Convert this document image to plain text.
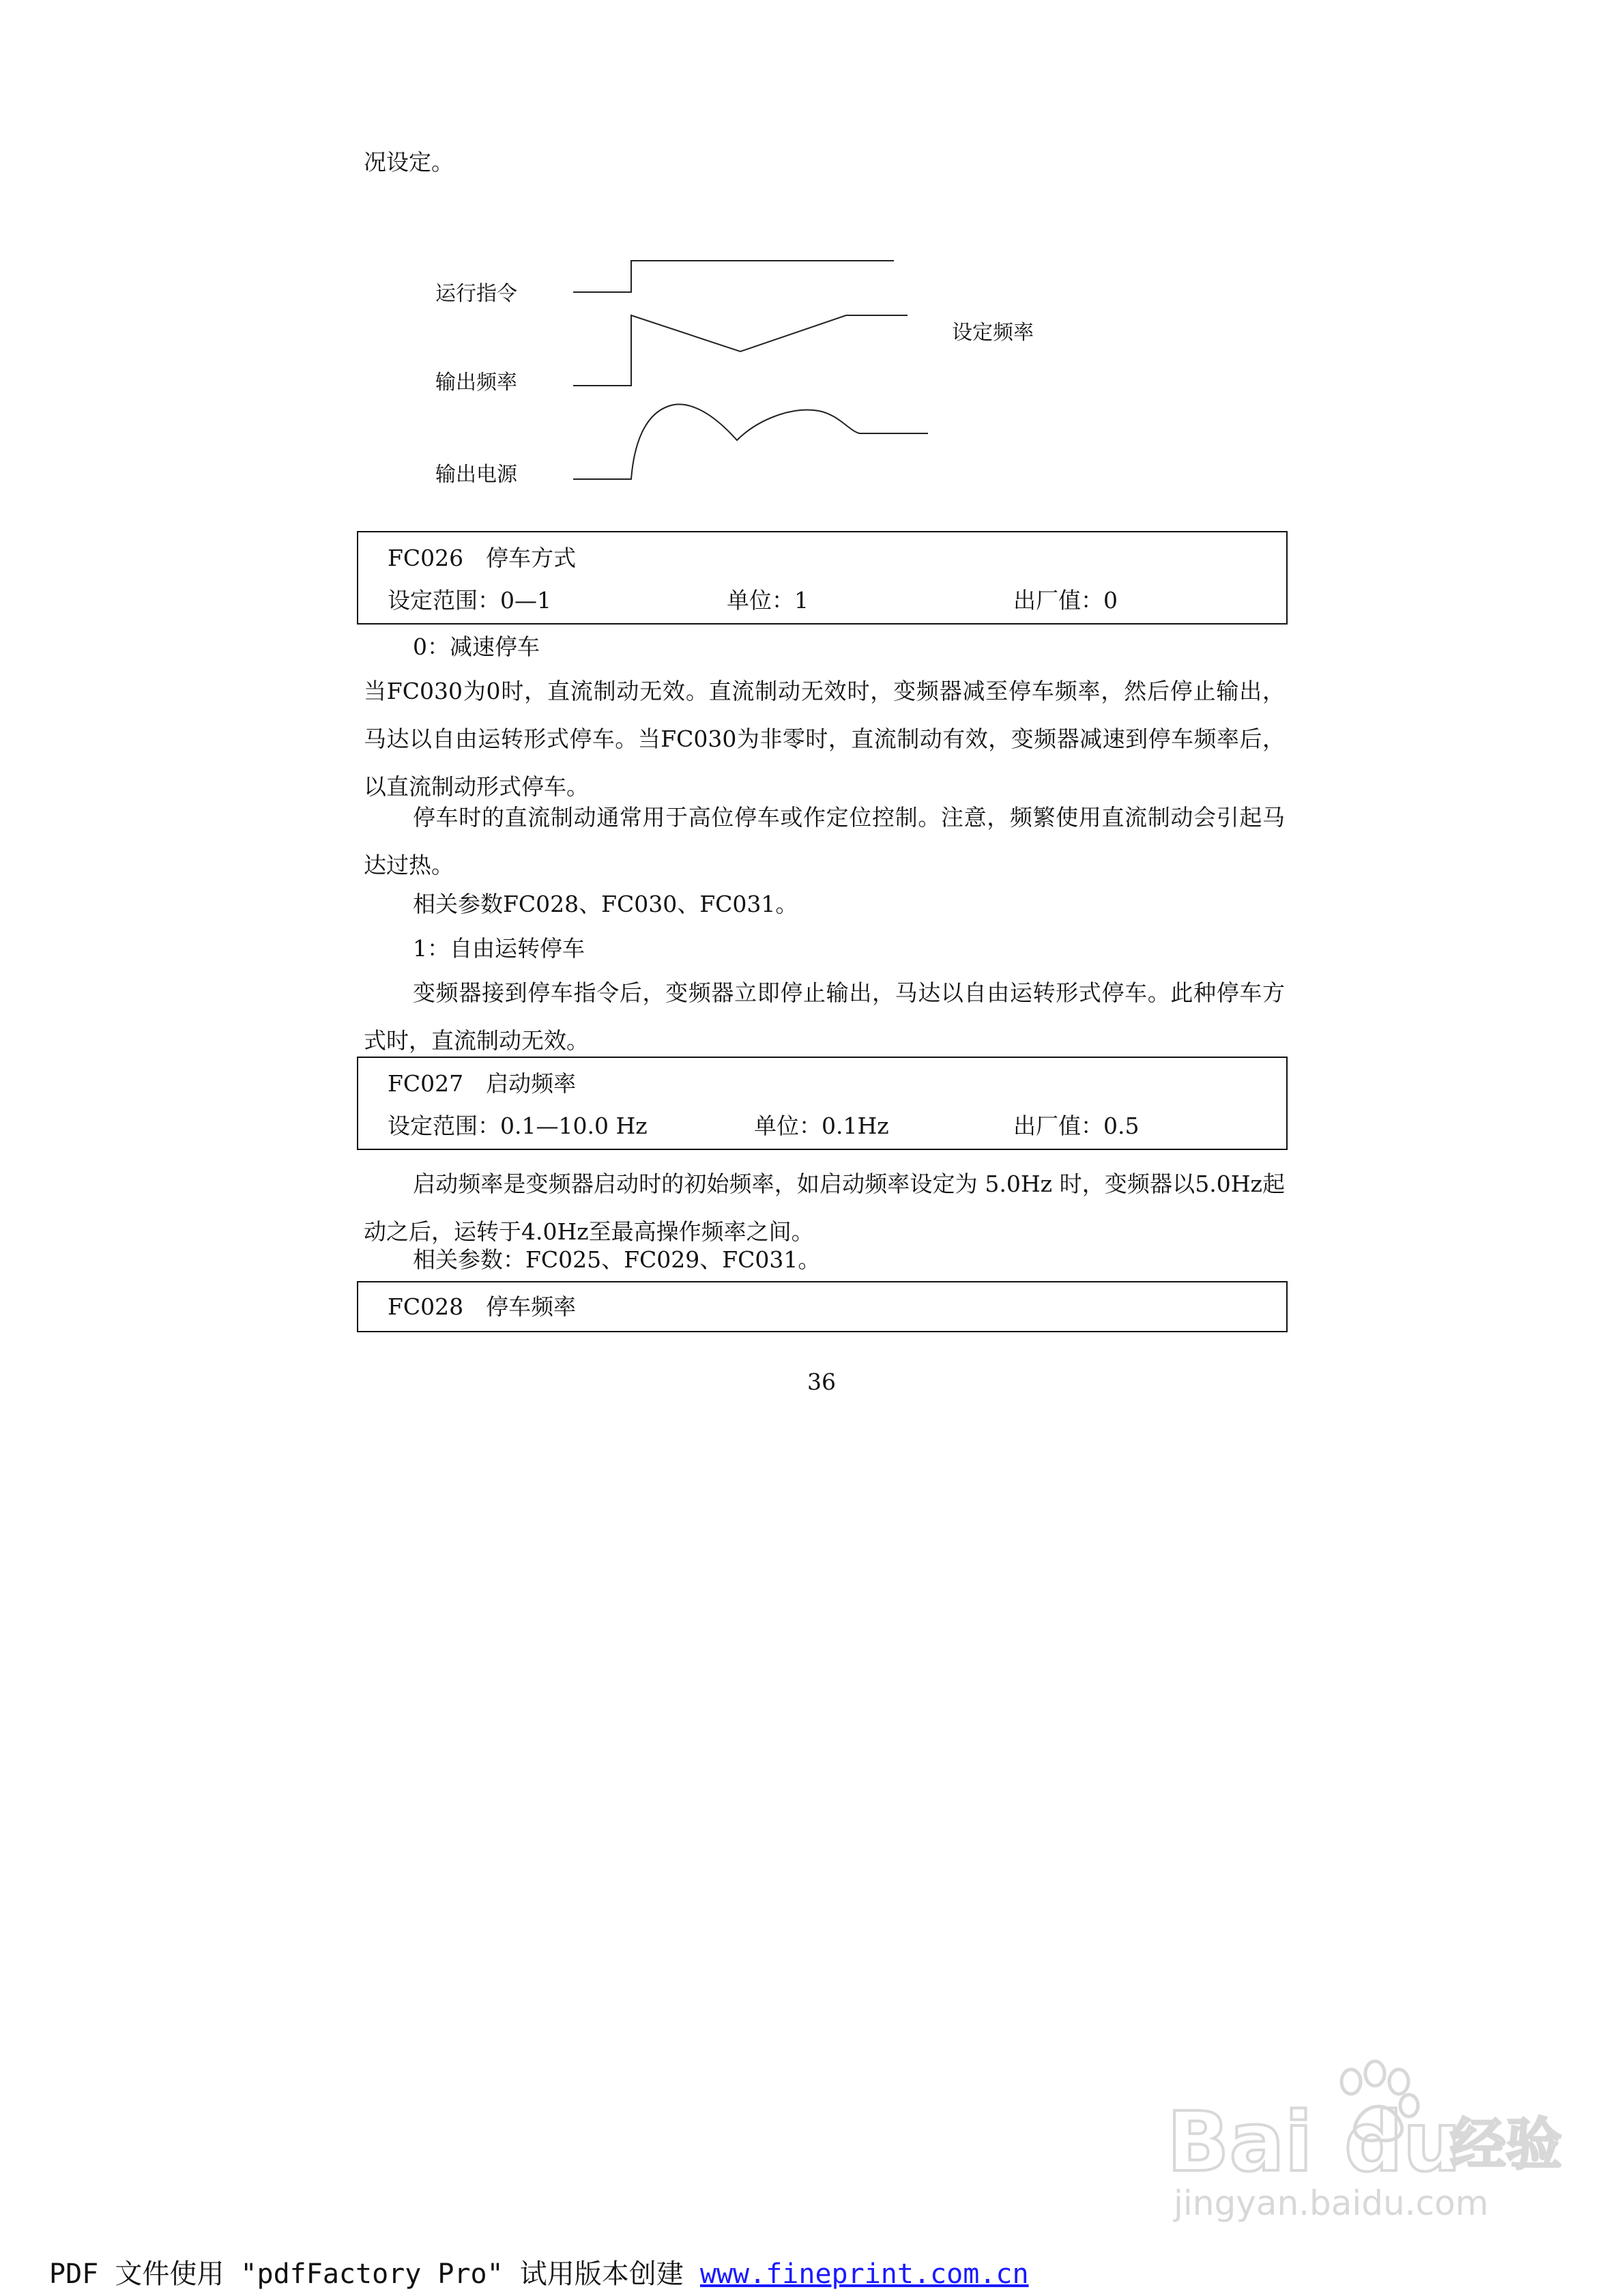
况设定。
运行指令
输出频率
输出电源
设定频率
FC026　停车方式
设定范围：0—1	单位：1	出厂值：0
0：减速停车
当FC030为0时，直流制动无效。直流制动无效时，变频器减至停车频率，然后停止输出，马达以自由运转形式停车。当FC030为非零时，直流制动有效，变频器减速到停车频率后，以直流制动形式停车。
停车时的直流制动通常用于高位停车或作定位控制。注意，频繁使用直流制动会引起马达过热。
相关参数FC028、FC030、FC031。
1：自由运转停车
变频器接到停车指令后，变频器立即停止输出，马达以自由运转形式停车。此种停车方式时，直流制动无效。
FC027　启动频率
设定范围：0.1—10.0 Hz	单位：0.1Hz	出厂值：0.5
启动频率是变频器启动时的初始频率，如启动频率设定为 5.0Hz 时，变频器以5.0Hz起动之后，运转于4.0Hz至最高操作频率之间。
相关参数：FC025、FC029、FC031。
FC028　停车频率
36
Bai du
经验
jingyan.baidu.com
PDF 文件使用 "pdfFactory Pro" 试用版本创建 www.fineprint.com.cn
